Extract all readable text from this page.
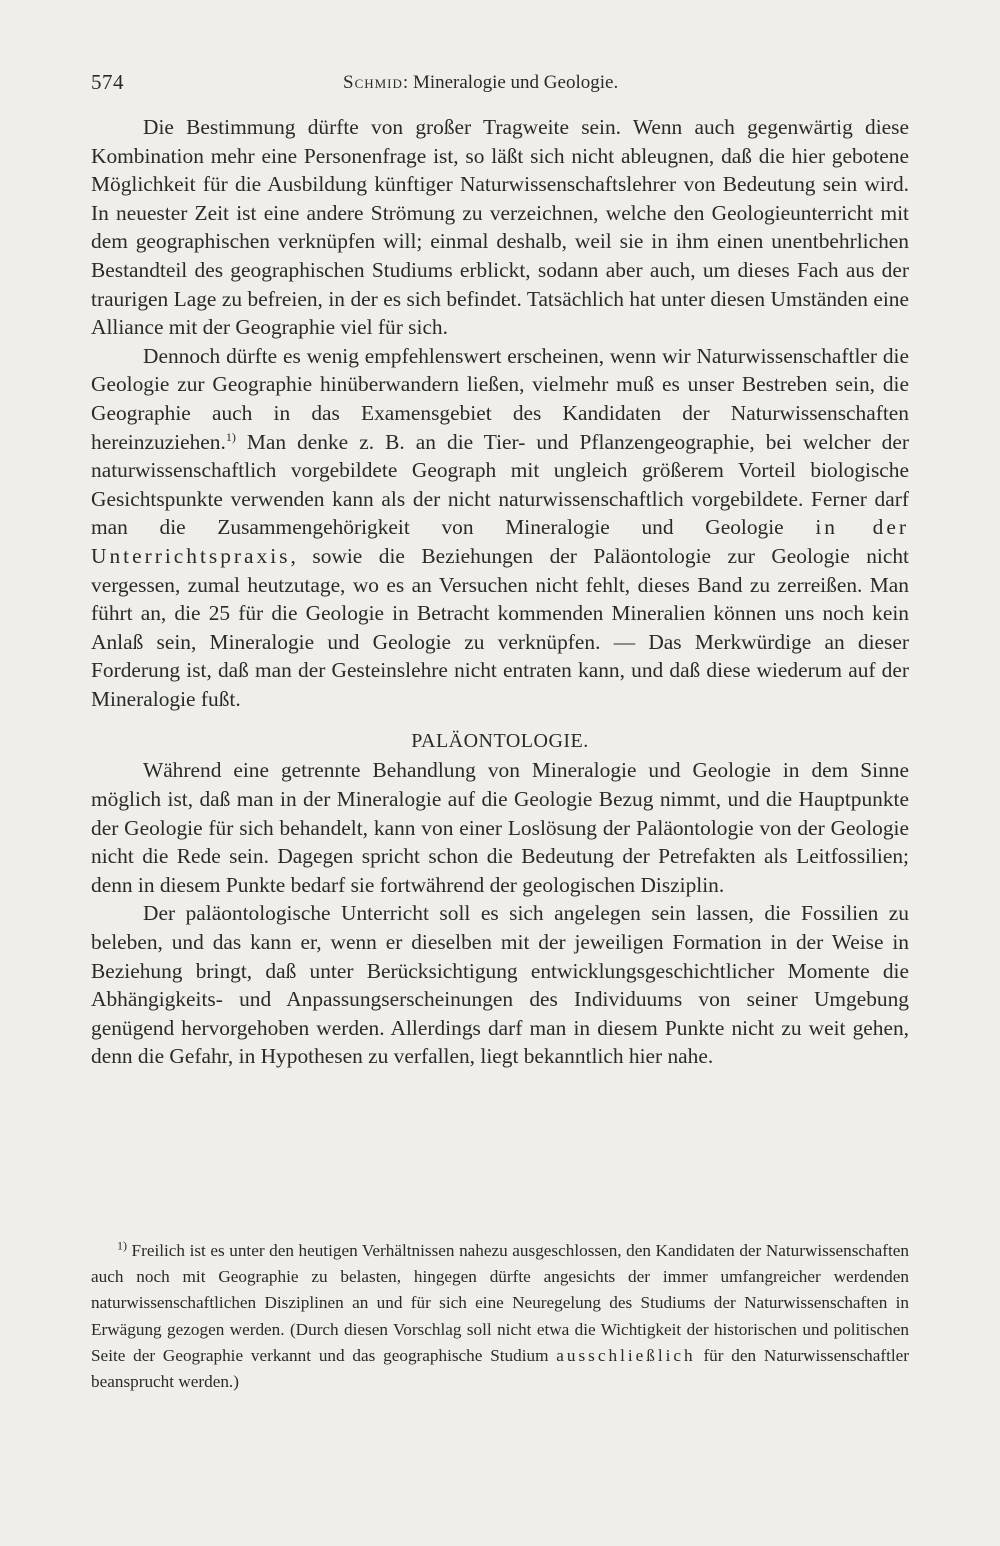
574	Schmid: Mineralogie und Geologie.

Die Bestimmung dürfte von großer Tragweite sein. Wenn auch gegenwärtig diese Kombination mehr eine Personenfrage ist, so läßt sich nicht ableugnen, daß die hier gebotene Möglichkeit für die Ausbildung künftiger Naturwissenschaftslehrer von Bedeutung sein wird. In neuester Zeit ist eine andere Strömung zu verzeichnen, welche den Geologieunterricht mit dem geographischen verknüpfen will; einmal deshalb, weil sie in ihm einen unentbehrlichen Bestandteil des geographischen Studiums erblickt, sodann aber auch, um dieses Fach aus der traurigen Lage zu befreien, in der es sich befindet. Tatsächlich hat unter diesen Umständen eine Alliance mit der Geographie viel für sich.

Dennoch dürfte es wenig empfehlenswert erscheinen, wenn wir Naturwissenschaftler die Geologie zur Geographie hinüberwandern ließen, vielmehr muß es unser Bestreben sein, die Geographie auch in das Examensgebiet des Kandidaten der Naturwissenschaften hereinzuziehen.$^{1)}$ Man denke z. B. an die Tier- und Pflanzengeographie, bei welcher der naturwissenschaftlich vorgebildete Geograph mit ungleich größerem Vorteil biologische Gesichtspunkte verwenden kann als der nicht naturwissenschaftlich vorgebildete. Ferner darf man die Zusammengehörigkeit von Mineralogie und Geologie in der Unterrichtspraxis, sowie die Beziehungen der Paläontologie zur Geologie nicht vergessen, zumal heutzutage, wo es an Versuchen nicht fehlt, dieses Band zu zerreißen. Man führt an, die 25 für die Geologie in Betracht kommenden Mineralien können uns noch kein Anlaß sein, Mineralogie und Geologie zu verknüpfen. — Das Merkwürdige an dieser Forderung ist, daß man der Gesteinslehre nicht entraten kann, und daß diese wiederum auf der Mineralogie fußt.

PALÄONTOLOGIE.

Während eine getrennte Behandlung von Mineralogie und Geologie in dem Sinne möglich ist, daß man in der Mineralogie auf die Geologie Bezug nimmt, und die Hauptpunkte der Geologie für sich behandelt, kann von einer Loslösung der Paläontologie von der Geologie nicht die Rede sein. Dagegen spricht schon die Bedeutung der Petrefakten als Leitfossilien; denn in diesem Punkte bedarf sie fortwährend der geologischen Disziplin.

Der paläontologische Unterricht soll es sich angelegen sein lassen, die Fossilien zu beleben, und das kann er, wenn er dieselben mit der jeweiligen Formation in der Weise in Beziehung bringt, daß unter Berücksichtigung entwicklungsgeschichtlicher Momente die Abhängigkeits- und Anpassungserscheinungen des Individuums von seiner Umgebung genügend hervorgehoben werden. Allerdings darf man in diesem Punkte nicht zu weit gehen, denn die Gefahr, in Hypothesen zu verfallen, liegt bekanntlich hier nahe.

$^{1)}$ Freilich ist es unter den heutigen Verhältnissen nahezu ausgeschlossen, den Kandidaten der Naturwissenschaften auch noch mit Geographie zu belasten, hingegen dürfte angesichts der immer umfangreicher werdenden naturwissenschaftlichen Disziplinen an und für sich eine Neuregelung des Studiums der Naturwissenschaften in Erwägung gezogen werden. (Durch diesen Vorschlag soll nicht etwa die Wichtigkeit der historischen und politischen Seite der Geographie verkannt und das geographische Studium ausschließlich für den Naturwissenschaftler beansprucht werden.)
